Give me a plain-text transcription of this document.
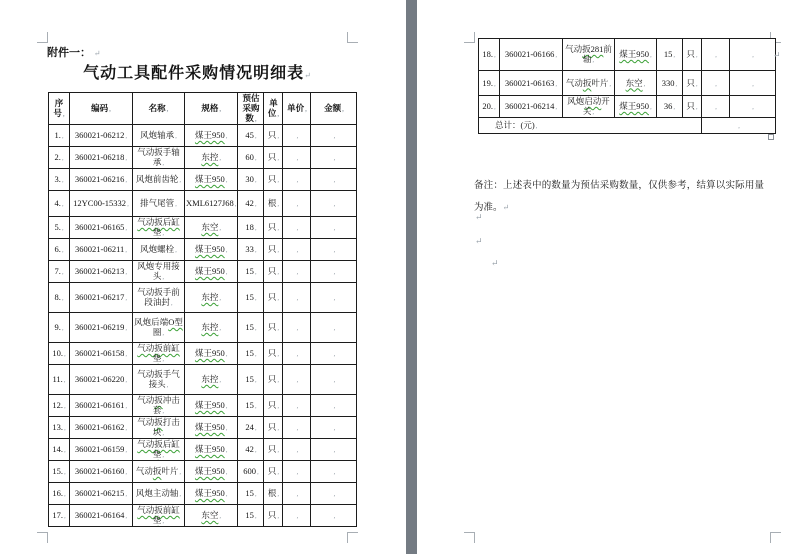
附件一： ↵
气动工具配件采购情况明细表↵
序号 ,	编码 ,	名称 ,	规格 ,	预估采购数 ,	单位 ,	单价 ,	金额 ,
1. ,	360021-06212 ,	风炮轴承 ,	煤王950 ,	45 ,	只 ,	,	,
2. ,	360021-06218 ,	气动扳手轴承 ,	东控 ,	60 ,	只 ,	,	,
3. ,	360021-06216 ,	风炮前齿轮 ,	煤王950 ,	30 ,	只 ,	,	,
4. ,	12YC00-15332 ,	排气尾管 ,	XML6127J68 ,	42 ,	根 ,	,	,
5. ,	360021-06165 ,	气动扳后缸垫 ,	东空 ,	18 ,	只 ,	,	,
6. ,	360021-06211 ,	风炮螺栓 ,	煤王950 ,	33 ,	只 ,	,	,
7. ,	360021-06213 ,	风炮专用接头 ,	煤王950 ,	15 ,	只 ,	,	,
8. ,	360021-06217 ,	气动扳手前段油封 ,	东控 ,	15 ,	只 ,	,	,
9. ,	360021-06219 ,	风炮后端O型圈 ,	东控 ,	15 ,	只 ,	,	,
10. ,	360021-06158 ,	气动扳前缸垫 ,	煤王950 ,	15 ,	只 ,	,	,
11. ,	360021-06220 ,	气动扳手气接头 ,	东控 ,	15 ,	只 ,	,	,
12. ,	360021-06161 ,	气动扳冲击套 ,	煤王950 ,	15 ,	只 ,	,	,
13. ,	360021-06162 ,	气动扳打击块 ,	煤王950 ,	24 ,	只 ,	,	,
14. ,	360021-06159 ,	气动扳后缸垫 ,	煤王950 ,	42 ,	只 ,	,	,
15. ,	360021-06160 ,	气动扳叶片 ,	煤王950 ,	600 ,	只 ,	,	,
16. ,	360021-06215 ,	风炮主动轴 ,	煤王950 ,	15 ,	根 ,	,	,
17. ,	360021-06164 ,	气动扳前缸垫 ,	东空 ,	15 ,	只 ,	,	,
18. ,	360021-06166 ,	气动扳281前轴 ,	煤王950 ,	15 ,	只 ,	,	,
19. ,	360021-06163 ,	气动扳叶片 ,	东空 ,	330 ,	只 ,	,	,
20. ,	360021-06214 ,	风炮启动开关 ,	煤王950 ,	36 ,	只 ,	,	,
总计：(元) ,	,
↵
备注：上述表中的数量为预估采购数量，仅供参考，结算以实际用量为准。↵
↵
↵
↵
